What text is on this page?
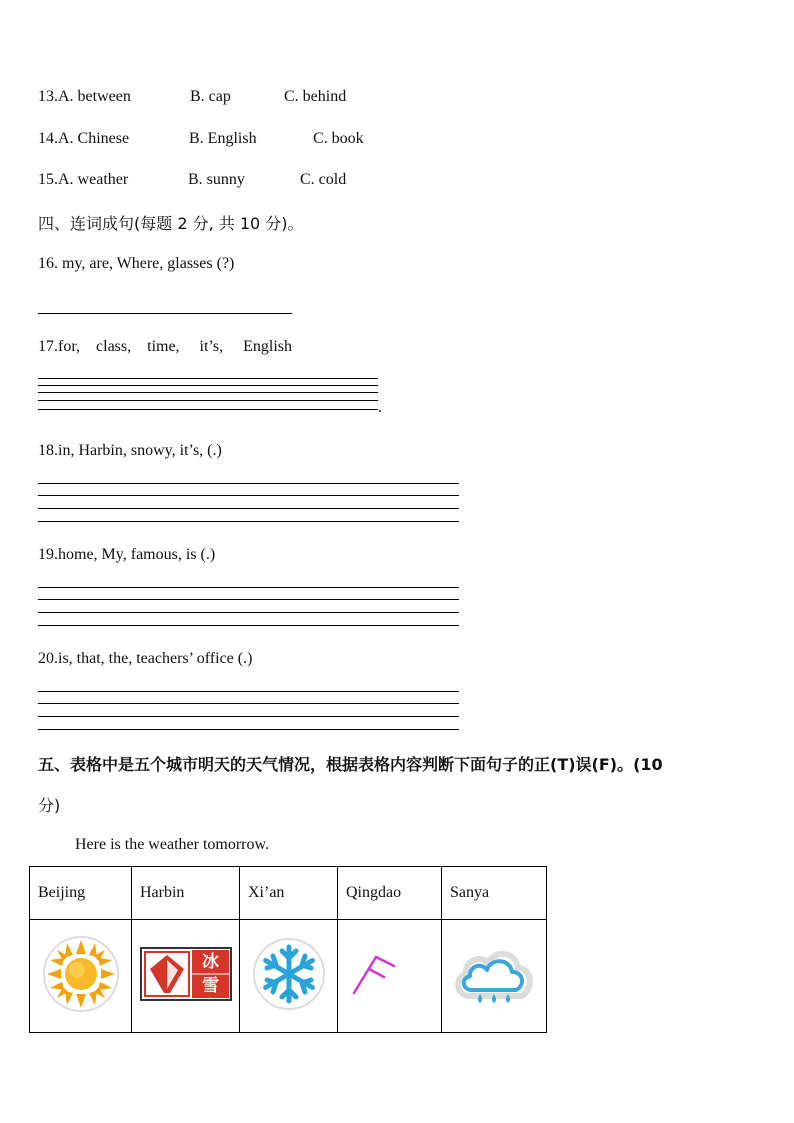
13.A. between	B. cap	C. behind
14.A. Chinese	B. English	C. book
15.A. weather	B. sunny	C. cold
四、连词成句(每题 2 分, 共 10 分)。
16. my, are, Where, glasses (?)
17.for,    class,    time,     it’s,     English
.
18.in, Harbin, snowy, it’s, (.)
19.home, My, famous, is (.)
20.is, that, the, teachers’ office (.)
五、表格中是五个城市明天的天气情况，根据表格内容判断下面句子的正(T)误(F)。(10
分)
Here is the weather tomorrow.
Beijing	Harbin	Xi’an	Qingdao	Sanya

冰
雪
